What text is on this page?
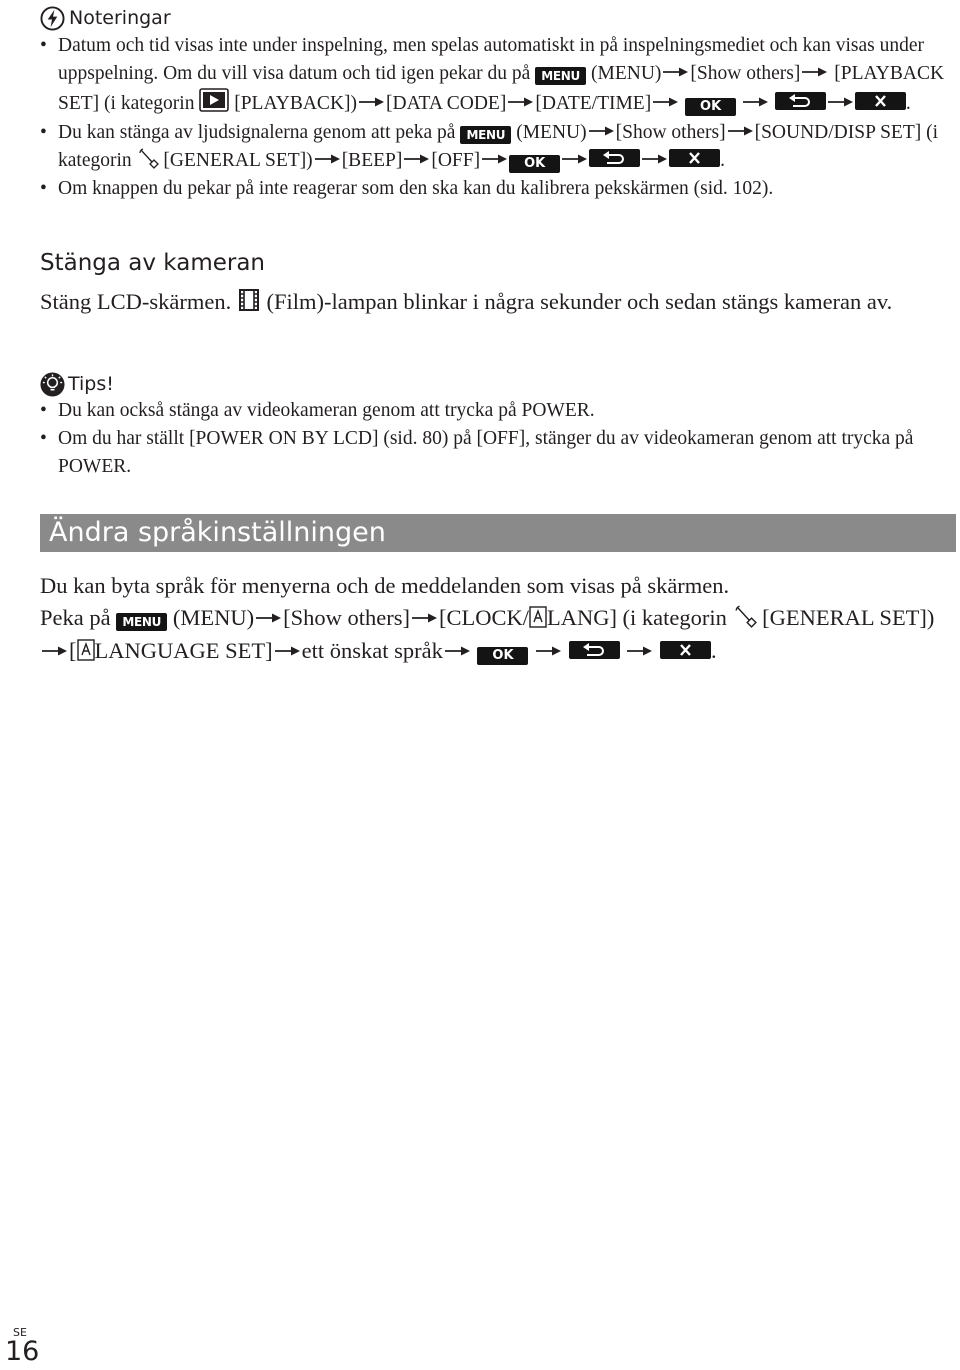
Noteringar
• Datum och tid visas inte under inspelning, men spelas automatiskt in på inspelningsmediet och kan visas under uppspelning. Om du vill visa datum och tid igen pekar du på MENU (MENU) [Show others] [PLAYBACK SET] (i kategorin [PLAYBACK]) [DATA CODE] [DATE/TIME]	OK	.
• Du kan stänga av ljudsignalerna genom att peka på MENU (MENU) [Show others] [SOUND/DISP SET] (i kategorin [GENERAL SET]) [BEEP] [OFF]	OK	.
• Om knappen du pekar på inte reagerar som den ska kan du kalibrera pekskärmen (sid. 102).
Stänga av kameran
Stäng LCD-skärmen. (Film)-lampan blinkar i några sekunder och sedan stängs kameran av.
Tips!
• Du kan också stänga av videokameran genom att trycka på POWER.
• Om du har ställt [POWER ON BY LCD] (sid. 80) på [OFF], stänger du av videokameran genom att trycka på POWER.
Ändra språkinställningen
Du kan byta språk för menyerna och de meddelanden som visas på skärmen.
Peka på MENU (MENU) [Show others] [CLOCK/ LANG] (i kategorin [GENERAL SET])[ LANGUAGE SET] ett önskat språk	OK
	.
SE
16
